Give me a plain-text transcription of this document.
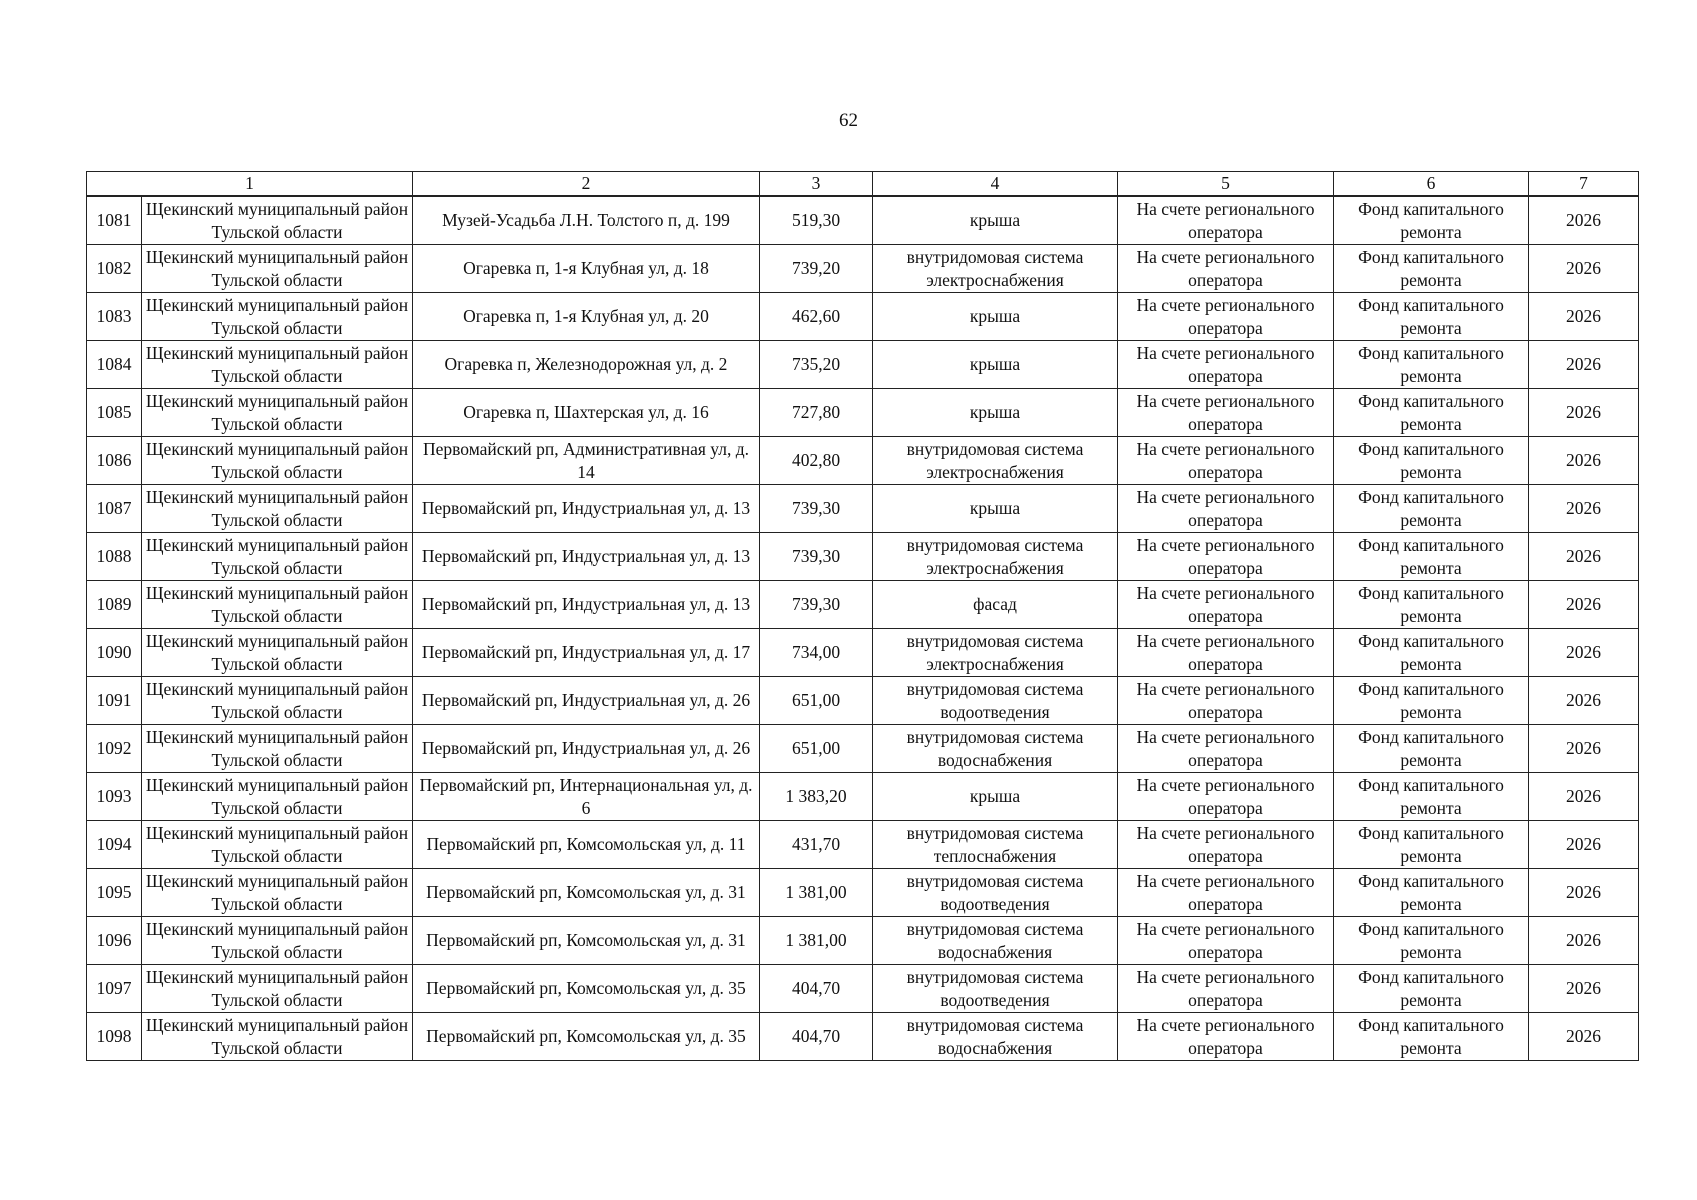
62
1		2	3	4	5	6	7
1081	Щекинский муниципальный район Тульской области	Музей-Усадьба Л.Н. Толстого п, д. 199	519,30	крыша	На счете регионального оператора	Фонд капитального ремонта	2026
1082	Щекинский муниципальный район Тульской области	Огаревка п, 1-я Клубная ул, д. 18	739,20	внутридомовая система электроснабжения	На счете регионального оператора	Фонд капитального ремонта	2026
1083	Щекинский муниципальный район Тульской области	Огаревка п, 1-я Клубная ул, д. 20	462,60	крыша	На счете регионального оператора	Фонд капитального ремонта	2026
1084	Щекинский муниципальный район Тульской области	Огаревка п, Железнодорожная ул, д. 2	735,20	крыша	На счете регионального оператора	Фонд капитального ремонта	2026
1085	Щекинский муниципальный район Тульской области	Огаревка п, Шахтерская ул, д. 16	727,80	крыша	На счете регионального оператора	Фонд капитального ремонта	2026
1086	Щекинский муниципальный район Тульской области	Первомайский рп, Административная ул, д. 14	402,80	внутридомовая система электроснабжения	На счете регионального оператора	Фонд капитального ремонта	2026
1087	Щекинский муниципальный район Тульской области	Первомайский рп, Индустриальная ул, д. 13	739,30	крыша	На счете регионального оператора	Фонд капитального ремонта	2026
1088	Щекинский муниципальный район Тульской области	Первомайский рп, Индустриальная ул, д. 13	739,30	внутридомовая система электроснабжения	На счете регионального оператора	Фонд капитального ремонта	2026
1089	Щекинский муниципальный район Тульской области	Первомайский рп, Индустриальная ул, д. 13	739,30	фасад	На счете регионального оператора	Фонд капитального ремонта	2026
1090	Щекинский муниципальный район Тульской области	Первомайский рп, Индустриальная ул, д. 17	734,00	внутридомовая система электроснабжения	На счете регионального оператора	Фонд капитального ремонта	2026
1091	Щекинский муниципальный район Тульской области	Первомайский рп, Индустриальная ул, д. 26	651,00	внутридомовая система водоотведения	На счете регионального оператора	Фонд капитального ремонта	2026
1092	Щекинский муниципальный район Тульской области	Первомайский рп, Индустриальная ул, д. 26	651,00	внутридомовая система водоснабжения	На счете регионального оператора	Фонд капитального ремонта	2026
1093	Щекинский муниципальный район Тульской области	Первомайский рп, Интернациональная ул, д. 6	1 383,20	крыша	На счете регионального оператора	Фонд капитального ремонта	2026
1094	Щекинский муниципальный район Тульской области	Первомайский рп, Комсомольская ул, д. 11	431,70	внутридомовая система теплоснабжения	На счете регионального оператора	Фонд капитального ремонта	2026
1095	Щекинский муниципальный район Тульской области	Первомайский рп, Комсомольская ул, д. 31	1 381,00	внутридомовая система водоотведения	На счете регионального оператора	Фонд капитального ремонта	2026
1096	Щекинский муниципальный район Тульской области	Первомайский рп, Комсомольская ул, д. 31	1 381,00	внутридомовая система водоснабжения	На счете регионального оператора	Фонд капитального ремонта	2026
1097	Щекинский муниципальный район Тульской области	Первомайский рп, Комсомольская ул, д. 35	404,70	внутридомовая система водоотведения	На счете регионального оператора	Фонд капитального ремонта	2026
1098	Щекинский муниципальный район Тульской области	Первомайский рп, Комсомольская ул, д. 35	404,70	внутридомовая система водоснабжения	На счете регионального оператора	Фонд капитального ремонта	2026
